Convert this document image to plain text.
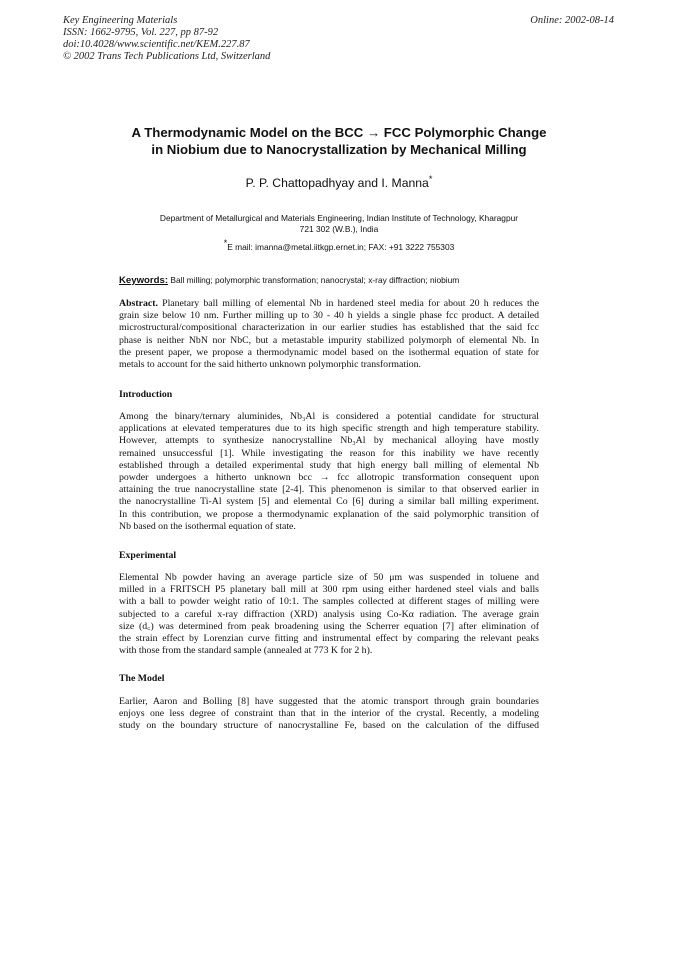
Key Engineering Materials
ISSN: 1662-9795, Vol. 227, pp 87-92
doi:10.4028/www.scientific.net/KEM.227.87
© 2002 Trans Tech Publications Ltd, Switzerland
Online: 2002-08-14
A Thermodynamic Model on the BCC → FCC Polymorphic Change
in Niobium due to Nanocrystallization by Mechanical Milling
P. P. Chattopadhyay and I. Manna*
Department of Metallurgical and Materials Engineering, Indian Institute of Technology, Kharagpur
721 302 (W.B.), India
*E mail: imanna@metal.iitkgp.ernet.in; FAX: +91 3222 755303
Keywords: Ball milling; polymorphic transformation; nanocrystal; x-ray diffraction; niobium
Abstract. Planetary ball milling of elemental Nb in hardened steel media for about 20 h reduces the
grain size below 10 nm. Further milling up to 30 - 40 h yields a single phase fcc product. A detailed
microstructural/compositional characterization in our earlier studies has established that the said fcc
phase is neither NbN nor NbC, but a metastable impurity stabilized polymorph of elemental Nb. In
the present paper, we propose a thermodynamic model based on the isothermal equation of state for
metals to account for the said hitherto unknown polymorphic transformation.
Introduction
Among the binary/ternary aluminides, Nb₃Al is considered a potential candidate for structural
applications at elevated temperatures due to its high specific strength and high temperature stability.
However, attempts to synthesize nanocrystalline Nb₃Al by mechanical alloying have mostly
remained unsuccessful [1]. While investigating the reason for this inability we have recently
established through a detailed experimental study that high energy ball milling of elemental Nb
powder undergoes a hitherto unknown bcc → fcc allotropic transformation consequent upon
attaining the true nanocrystalline state [2-4]. This phenomenon is similar to that observed earlier in
the nanocrystalline Ti-Al system [5] and elemental Co [6] during a similar ball milling experiment.
In this contribution, we propose a thermodynamic explanation of the said polymorphic transition of
Nb based on the isothermal equation of state.
Experimental
Elemental Nb powder having an average particle size of 50 μm was suspended in toluene and
milled in a FRITSCH P5 planetary ball mill at 300 rpm using either hardened steel vials and balls
with a ball to powder weight ratio of 10:1. The samples collected at different stages of milling were
subjected to a careful x-ray diffraction (XRD) analysis using Co-Kα radiation. The average grain
size (d꜀) was determined from peak broadening using the Scherrer equation [7] after elimination of
the strain effect by Lorenzian curve fitting and instrumental effect by comparing the relevant peaks
with those from the standard sample (annealed at 773 K for 2 h).
The Model
Earlier, Aaron and Bolling [8] have suggested that the atomic transport through grain boundaries
enjoys one less degree of constraint than that in the interior of the crystal. Recently, a modeling
study on the boundary structure of nanocrystalline Fe, based on the calculation of the diffused
